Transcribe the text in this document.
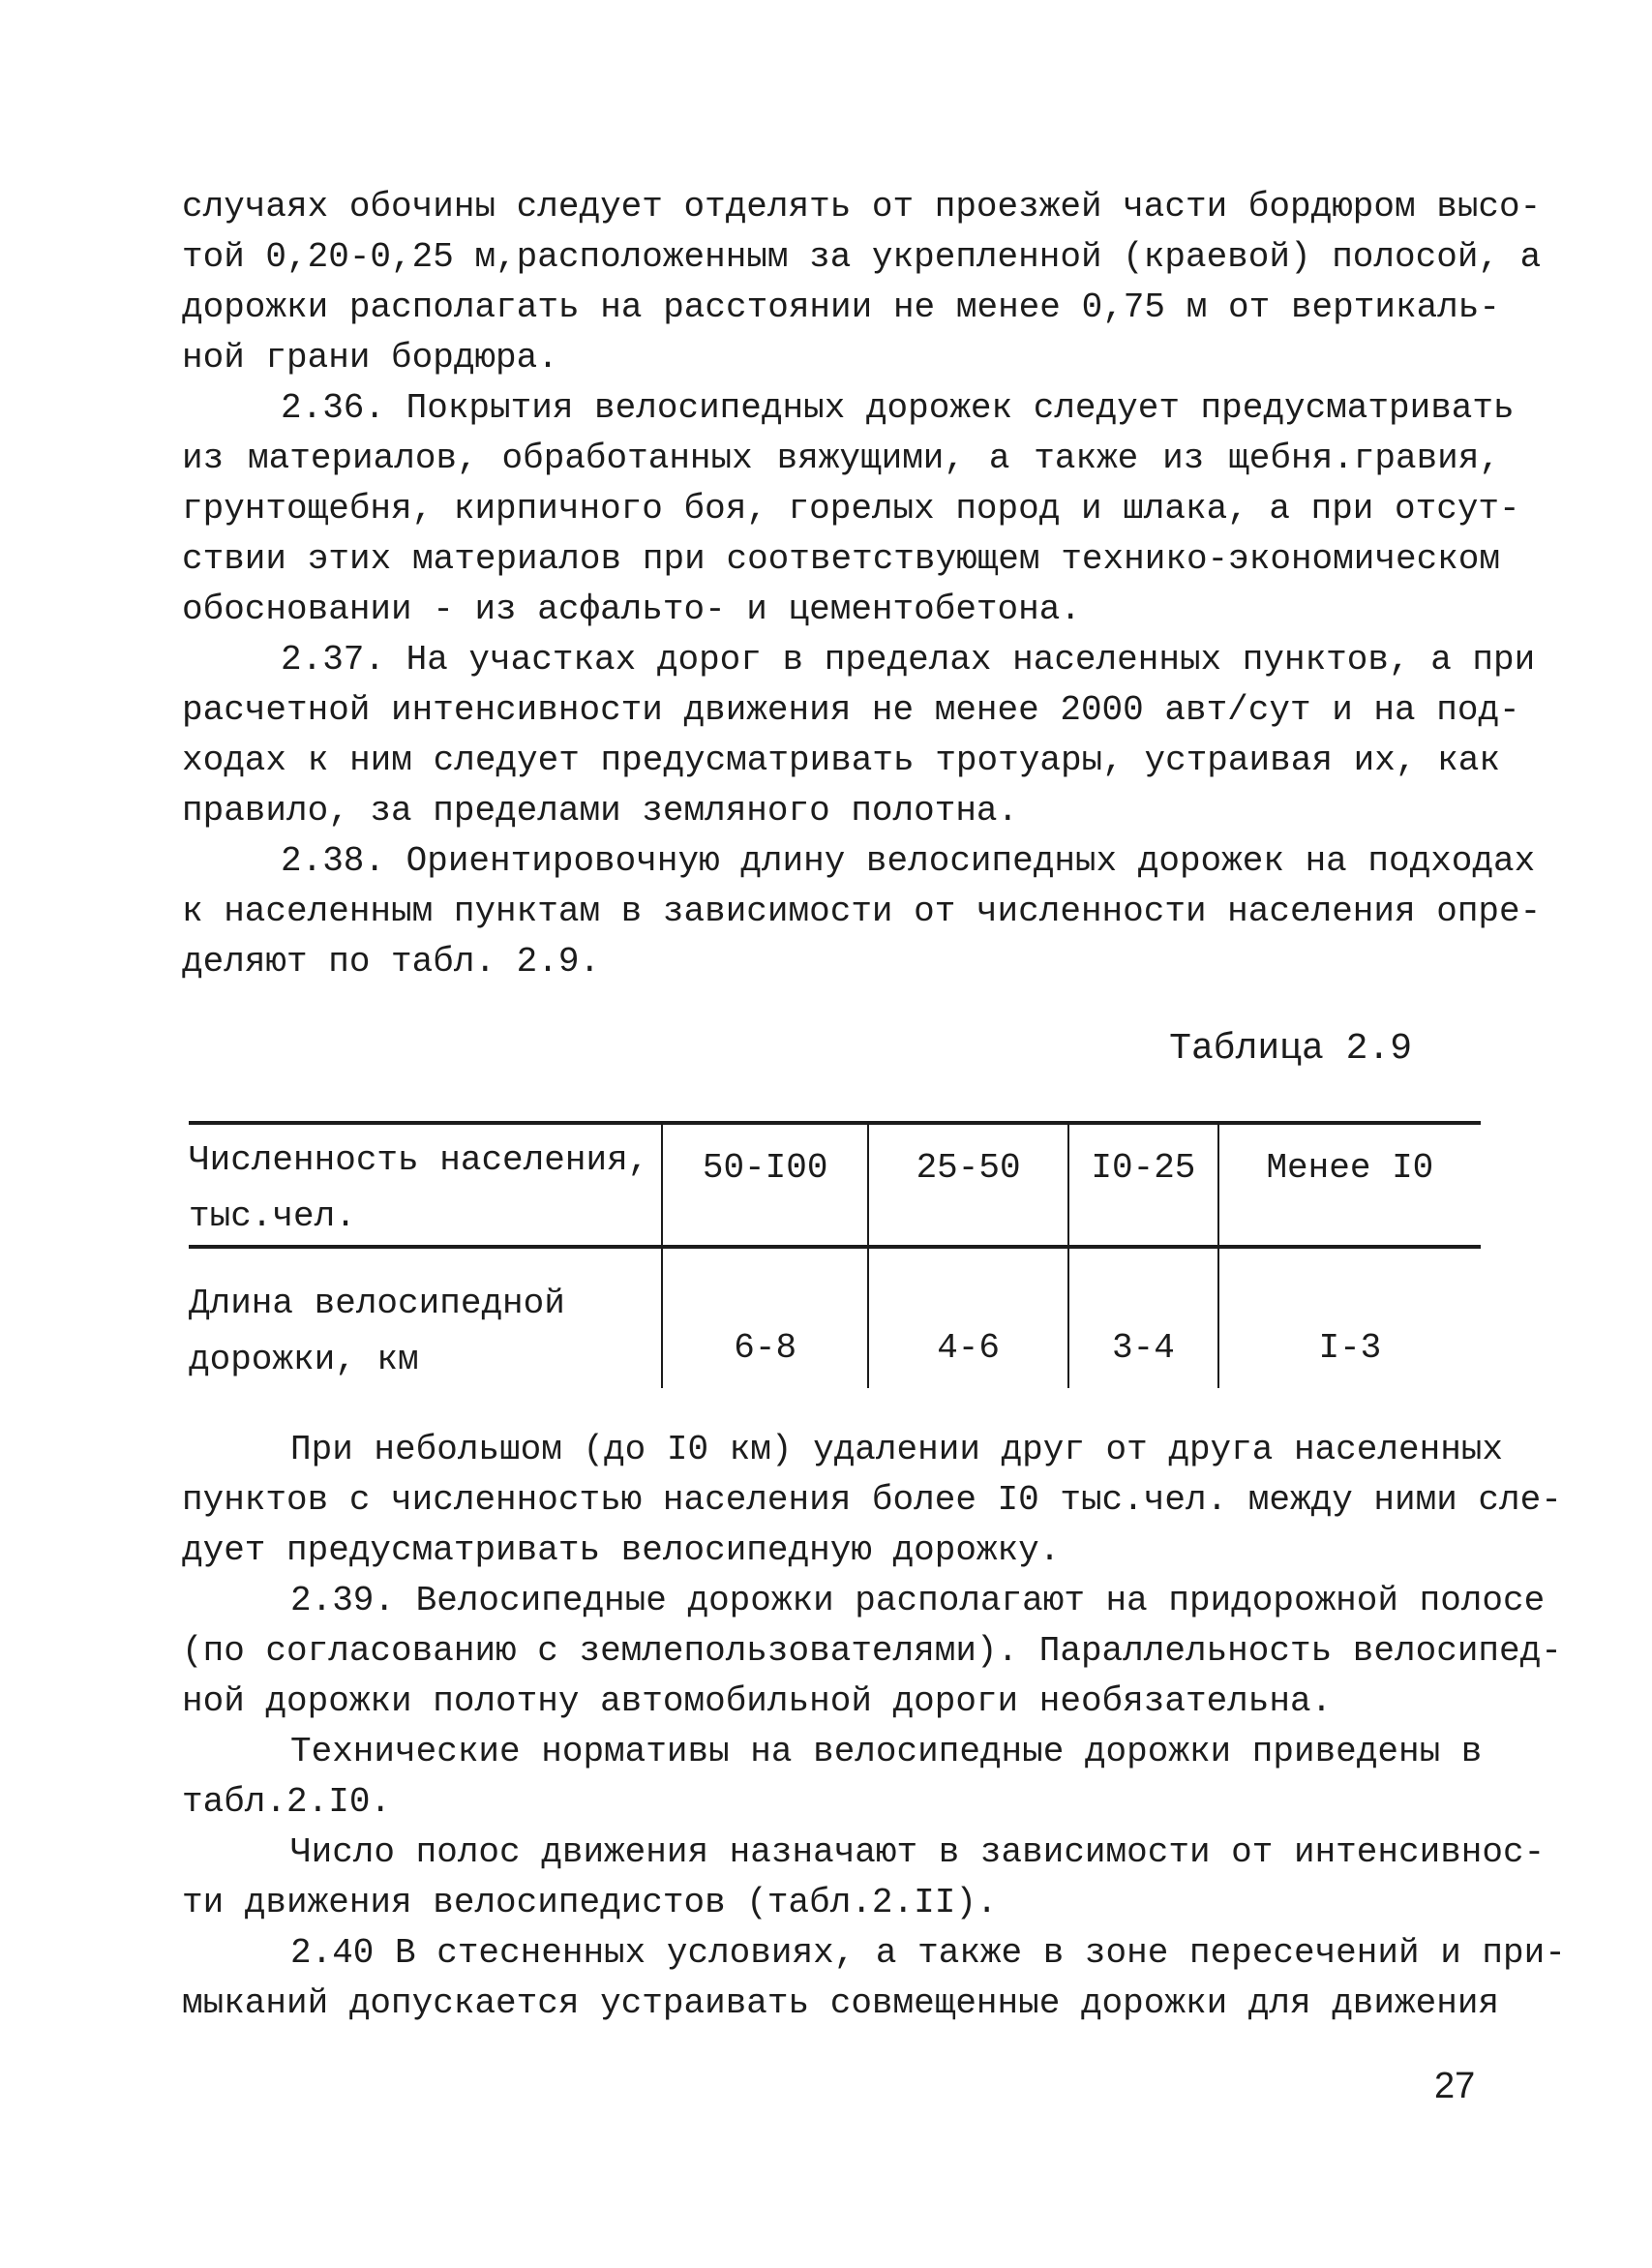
случаях обочины следует отделять от проезжей части бордюром высо-

той 0,20-0,25 м,расположенным за укрепленной (краевой) полосой, а

дорожки располагать на расстоянии не менее 0,75 м от вертикаль-

ной грани бордюра.

2.36. Покрытия велосипедных дорожек следует предусматривать

из материалов, обработанных вяжущими, а также из щебня.гравия,

грунтощебня, кирпичного боя, горелых пород и шлака, а при отсут-

ствии этих материалов при соответствующем технико-экономическом

обосновании - из асфальто- и цементобетона.

2.37. На участках дорог в пределах населенных пунктов, а при

расчетной интенсивности движения не менее 2000 авт/сут и на под-

ходах к ним следует предусматривать тротуары, устраивая их, как

правило, за пределами земляного полотна.

2.38. Ориентировочную длину велосипедных дорожек на подходах

к населенным пунктам в зависимости от численности населения опре-

деляют по табл. 2.9.

Таблица 2.9
Численность населения,
тыс.чел.	50-I00	25-50	I0-25	Менее I0
Длина велосипедной
дорожки, км	6-8	4-6	3-4	I-3

При небольшом (до I0 км) удалении друг от друга населенных

пунктов с численностью населения более I0 тыс.чел. между ними сле-

дует предусматривать велосипедную дорожку.

2.39. Велосипедные дорожки располагают на придорожной полосе

(по согласованию с землепользователями). Параллельность велосипед-

ной дорожки полотну автомобильной дороги необязательна.

Технические нормативы на велосипедные дорожки приведены в

табл.2.I0.

Число полос движения назначают в зависимости от интенсивнос-

ти движения велосипедистов (табл.2.II).

2.40 В стесненных условиях, а также в зоне пересечений и при-

мыканий допускается устраивать совмещенные дорожки для движения

27
